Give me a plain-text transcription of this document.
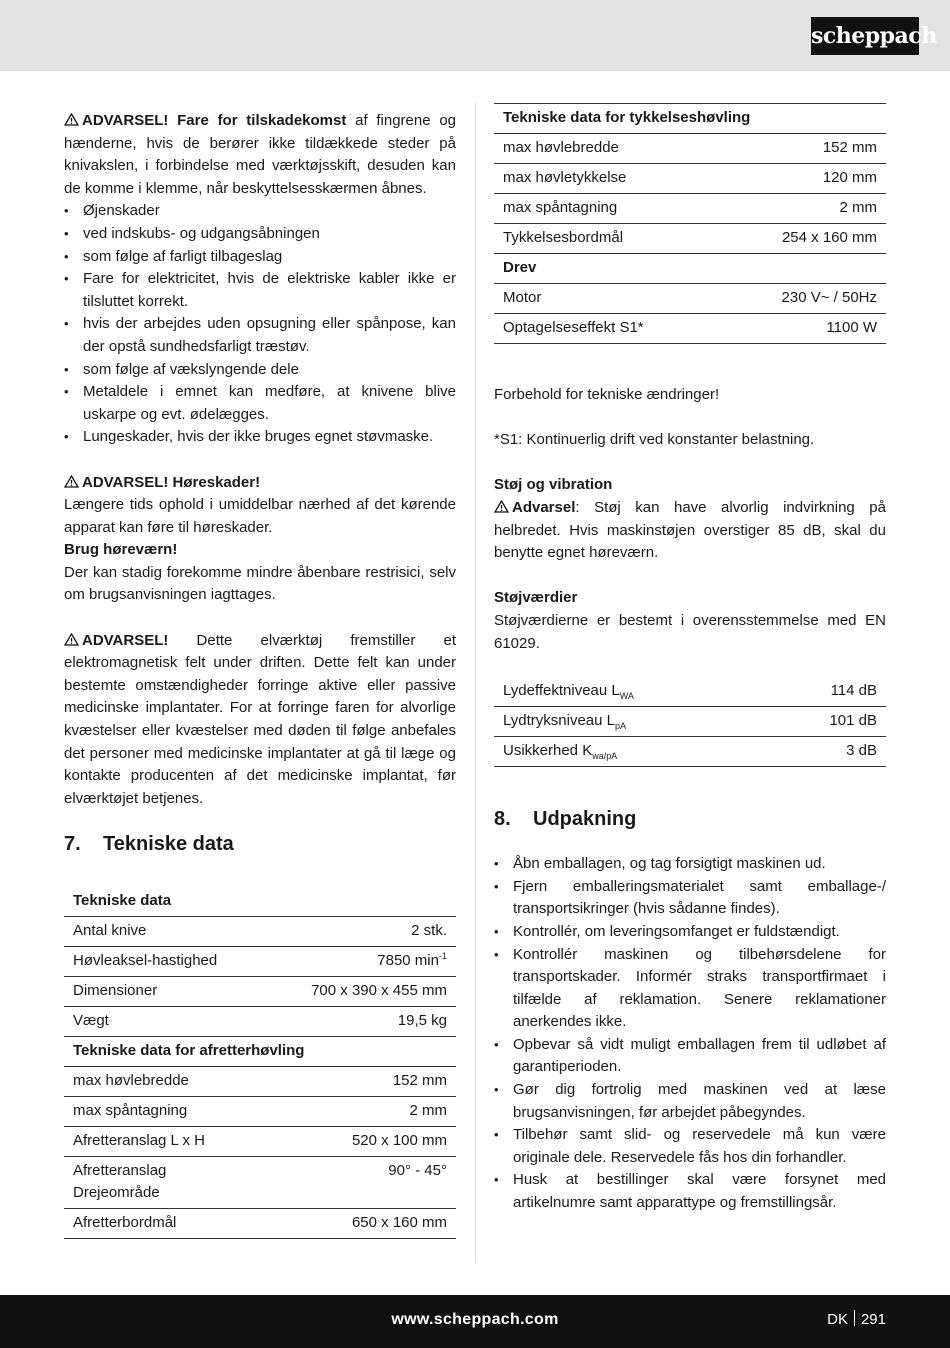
scheppach

ADVARSEL! Fare for tilskadekomst af fingrene og hænderne, hvis de berører ikke tildækkede steder på knivakslen, i forbindelse med værktøjsskift, desuden kan de komme i klemme, når beskyttelsesskærmen åbnes.

• Øjenskader
• ved indskubs- og udgangsåbningen
• som følge af farligt tilbageslag
• Fare for elektricitet, hvis de elektriske kabler ikke er tilsluttet korrekt.
• hvis der arbejdes uden opsugning eller spånpose, kan der opstå sundhedsfarligt træstøv.
• som følge af vækslyngende dele
• Metaldele i emnet kan medføre, at knivene blive uskarpe og evt. ødelægges.
• Lungeskader, hvis der ikke bruges egnet støvmaske.

ADVARSEL! Høreskader!
Længere tids ophold i umiddelbar nærhed af det kørende apparat kan føre til høreskader.
Brug høreværn!
Der kan stadig forekomme mindre åbenbare restrisici, selv om brugsanvisningen iagttages.

ADVARSEL! Dette elværktøj fremstiller et elektromagnetisk felt under driften. Dette felt kan under bestemte omstændigheder forringe aktive eller passive medicinske implantater. For at forringe faren for alvorlige kvæstelser eller kvæstelser med døden til følge anbefales det personer med medicinske implantater at gå til læge og kontakte producenten af det medicinske implantat, før elværktøjet betjenes.

7.	Tekniske data
Tekniske data	
Antal knive	2 stk.
Høvleaksel-hastighed	7850 $\min^{-1}$
Dimensioner	700 x 390 x 455 mm
Vægt	19,5 kg
Tekniske data for afretterhøvling	
max høvlebredde	152 mm
max spåntagning	2 mm
Afretteranslag L x H	520 x 100 mm
Afretteranslag
Drejeområde	90° - 45°
Afretterbordmål	650 x 160 mm
Tekniske data for tykkelseshøvling	
max høvlebredde	152 mm
max høvletykkelse	120 mm
max spåntagning	2 mm
Tykkelsesbordmål	254 x 160 mm
Drev	
Motor	230 V~ / 50Hz
Optagelseseffekt S1*	1100 W

Forbehold for tekniske ændringer!

*S1: Kontinuerlig drift ved konstanter belastning.

Støj og vibration
Advarsel: Støj kan have alvorlig indvirkning på helbredet. Hvis maskinstøjen overstiger 85 dB, skal du benytte egnet høreværn.

Støjværdier
Støjværdierne er bestemt i overensstemmelse med EN 61029.

Lydeffektniveau $L_{WA}$	114 dB
Lydtryksniveau $L_{pA}$	101 dB
Usikkerhed $K_{wa/pA}$	3 dB
8.	Udpakning
• Åbn emballagen, og tag forsigtigt maskinen ud.
• Fjern emballeringsmaterialet samt emballage-/ transportsikringer (hvis sådanne findes).
• Kontrollér, om leveringsomfanget er fuldstændigt.
• Kontrollér maskinen og tilbehørsdelene for transportskader. Informér straks transportfirmaet i tilfælde af reklamation. Senere reklamationer anerkendes ikke.
• Opbevar så vidt muligt emballagen frem til udløbet af garantiperioden.
• Gør dig fortrolig med maskinen ved at læse brugsanvisningen, før arbejdet påbegyndes.
• Tilbehør samt slid- og reservedele må kun være originale dele. Reservedele fås hos din forhandler.
• Husk at bestillinger skal være forsynet med artikelnumre samt apparattype og fremstillingsår.
www.scheppach.com	DK 291
